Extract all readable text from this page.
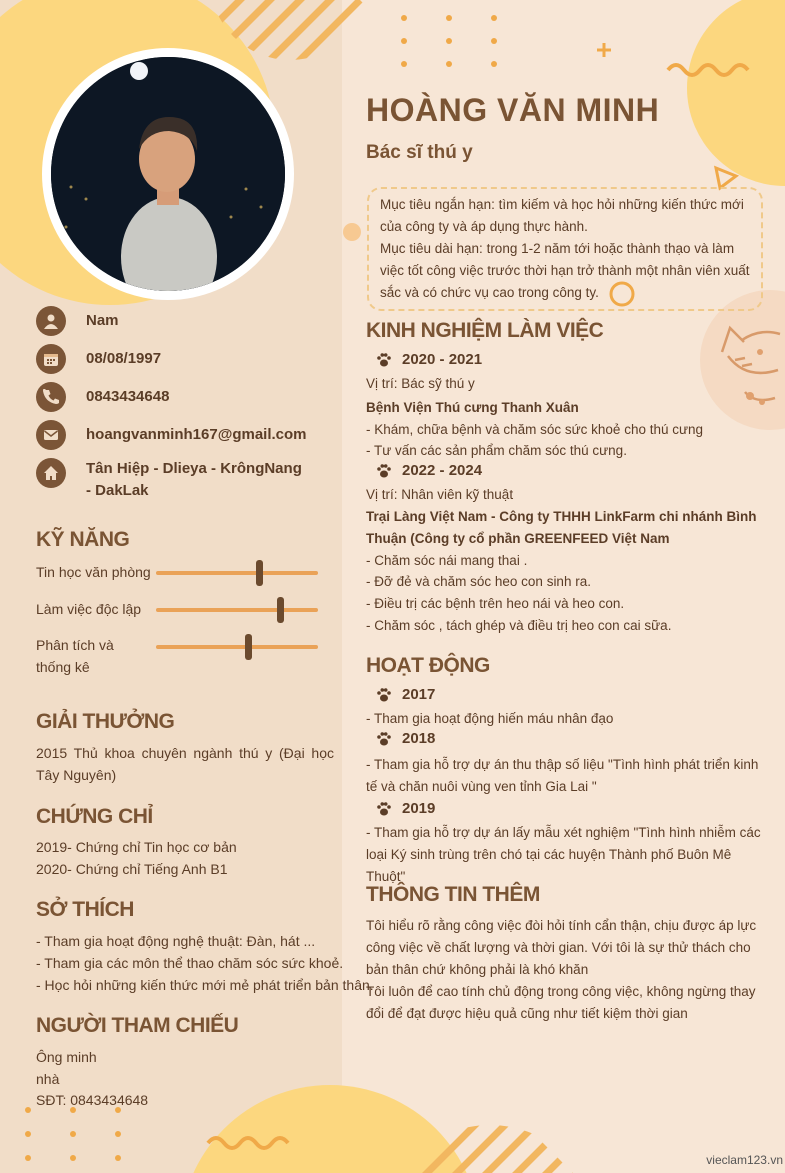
HOÀNG VĂN MINH
Bác sĩ thú y
Mục tiêu ngắn hạn: tìm kiếm và học hỏi những kiến thức mới của công ty và áp dụng thực hành.
Mục tiêu dài hạn: trong 1-2 năm tới hoặc thành thạo và làm việc tốt công việc trước thời hạn trở thành một nhân viên xuất sắc và có chức vụ cao trong công ty.
Nam
08/08/1997
0843434648
hoangvanminh167@gmail.com
Tân Hiệp - Dlieya - KrôngNang - DakLak
KỸ NĂNG
Tin học văn phòng
Làm việc độc lập
Phân tích và thống kê
GIẢI THƯỞNG
2015 Thủ khoa chuyên ngành thú y (Đại học Tây Nguyên)
CHỨNG CHỈ
2019- Chứng chỉ Tin học cơ bản
2020- Chứng chỉ Tiếng Anh B1
SỞ THÍCH
- Tham gia hoạt động nghệ thuật: Đàn, hát ...
- Tham gia các môn thể thao chăm sóc sức khoẻ.
- Học hỏi những kiến thức mới mẻ phát triển bản thân.
NGƯỜI THAM CHIẾU
Ông minh
nhà
SĐT: 0843434648
KINH NGHIỆM LÀM VIỆC
2020 - 2021
Vị trí: Bác sỹ thú y
Bệnh Viện Thú cưng Thanh Xuân
- Khám, chữa bệnh và chăm sóc sức khoẻ cho thú cưng
- Tư vấn các sản phẩm chăm sóc thú cưng.
2022 - 2024
Vị trí: Nhân viên kỹ thuật
Trại Làng Việt Nam - Công ty THHH LinkFarm chi nhánh Bình Thuận (Công ty cổ phần GREENFEED Việt Nam
- Chăm sóc nái mang thai .
- Đỡ đẻ và chăm sóc heo con sinh ra.
- Điều trị các bệnh trên heo nái và heo con.
- Chăm sóc , tách ghép và điều trị heo con cai sữa.
HOẠT ĐỘNG
2017
- Tham gia hoạt động hiến máu nhân đạo
2018
- Tham gia hỗ trợ dự án thu thập số liệu "Tình hình phát triển kinh tế và chăn nuôi vùng ven tỉnh Gia Lai "
2019
- Tham gia hỗ trợ dự án lấy mẫu xét nghiệm "Tình hình nhiễm các loại Ký sinh trùng trên chó tại các huyện Thành phố Buôn Mê Thuột"
THÔNG TIN THÊM
Tôi hiểu rõ rằng công việc đòi hỏi tính cẩn thận, chịu được áp lực công việc về chất lượng và thời gian. Với tôi là sự thử thách cho bản thân chứ không phải là khó khăn
Tôi luôn để cao tính chủ động trong công việc, không ngừng thay đổi để đạt được hiệu quả cũng như tiết kiệm thời gian
vieclam123.vn
